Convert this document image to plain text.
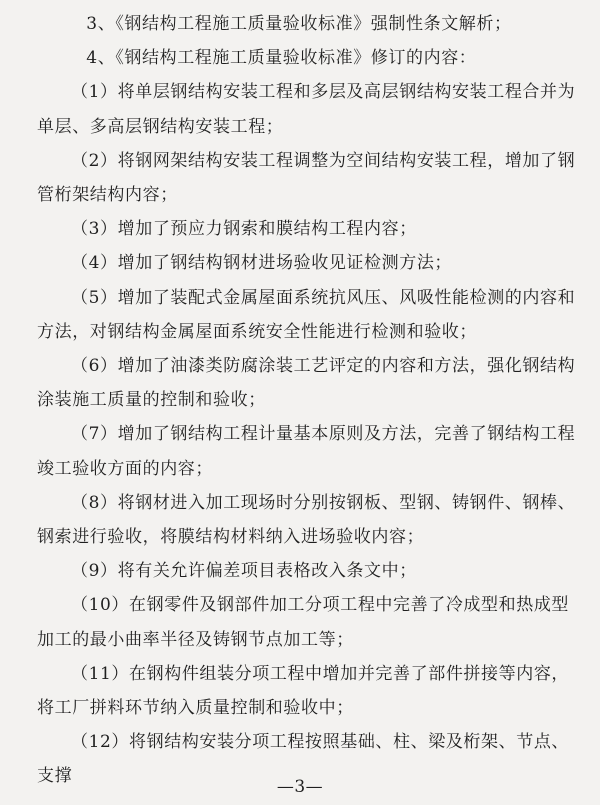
3、《钢结构工程施工质量验收标准》强制性条文解析；

4、《钢结构工程施工质量验收标准》修订的内容：

（1）将单层钢结构安装工程和多层及高层钢结构安装工程合并为单层、多高层钢结构安装工程；

（2）将钢网架结构安装工程调整为空间结构安装工程，增加了钢管桁架结构内容；

（3）增加了预应力钢索和膜结构工程内容；

（4）增加了钢结构钢材进场验收见证检测方法；

（5）增加了装配式金属屋面系统抗风压、风吸性能检测的内容和方法，对钢结构金属屋面系统安全性能进行检测和验收；

（6）增加了油漆类防腐涂装工艺评定的内容和方法，强化钢结构涂装施工质量的控制和验收；

（7）增加了钢结构工程计量基本原则及方法，完善了钢结构工程竣工验收方面的内容；

（8）将钢材进入加工现场时分别按钢板、型钢、铸钢件、钢棒、钢索进行验收，将膜结构材料纳入进场验收内容；

（9）将有关允许偏差项目表格改入条文中；

（10）在钢零件及钢部件加工分项工程中完善了冷成型和热成型加工的最小曲率半径及铸钢节点加工等；

（11）在钢构件组装分项工程中增加并完善了部件拼接等内容，将工厂拼料环节纳入质量控制和验收中；

（12）将钢结构安装分项工程按照基础、柱、梁及桁架、节点、支撑

—3—
